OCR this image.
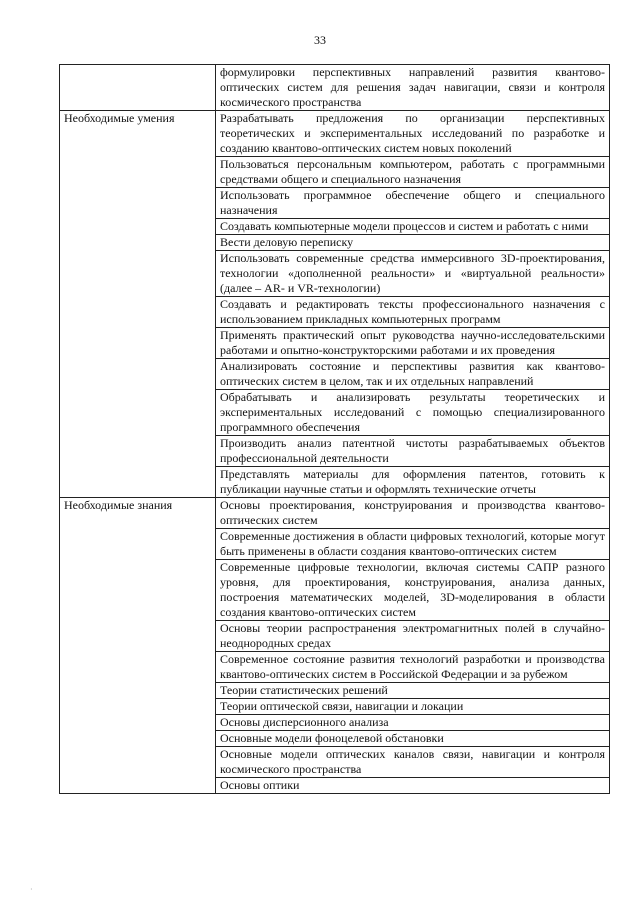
33
	формулировки перспективных направлений развития квантово-оптических систем для решения задач навигации, связи и контроля космического пространства
Необходимые умения	Разрабатывать предложения по организации перспективных теоретических и экспериментальных исследований по разработке и созданию квантово-оптических систем новых поколений
	Пользоваться персональным компьютером, работать с программными средствами общего и специального назначения
	Использовать программное обеспечение общего и специального назначения
	Создавать компьютерные модели процессов и систем и работать с ними
	Вести деловую переписку
	Использовать современные средства иммерсивного 3D-проектирования, технологии «дополненной реальности» и «виртуальной реальности» (далее – AR- и VR-технологии)
	Создавать и редактировать тексты профессионального назначения с использованием прикладных компьютерных программ
	Применять практический опыт руководства научно-исследовательскими работами и опытно-конструкторскими работами и их проведения
	Анализировать состояние и перспективы развития как квантово-оптических систем в целом, так и их отдельных направлений
	Обрабатывать и анализировать результаты теоретических и экспериментальных исследований с помощью специализированного программного обеспечения
	Производить анализ патентной чистоты разрабатываемых объектов профессиональной деятельности
	Представлять материалы для оформления патентов, готовить к публикации научные статьи и оформлять технические отчеты
Необходимые знания	Основы проектирования, конструирования и производства квантово-оптических систем
	Современные достижения в области цифровых технологий, которые могут быть применены в области создания квантово-оптических систем
	Современные цифровые технологии, включая системы САПР разного уровня, для проектирования, конструирования, анализа данных, построения математических моделей, 3D-моделирования в области создания квантово-оптических систем
	Основы теории распространения электромагнитных полей в случайно-неоднородных средах
	Современное состояние развития технологий разработки и производства квантово-оптических систем в Российской Федерации и за рубежом
	Теории статистических решений
	Теории оптической связи, навигации и локации
	Основы дисперсионного анализа
	Основные модели фоноцелевой обстановки
	Основные модели оптических каналов связи, навигации и контроля космического пространства
	Основы оптики
·
